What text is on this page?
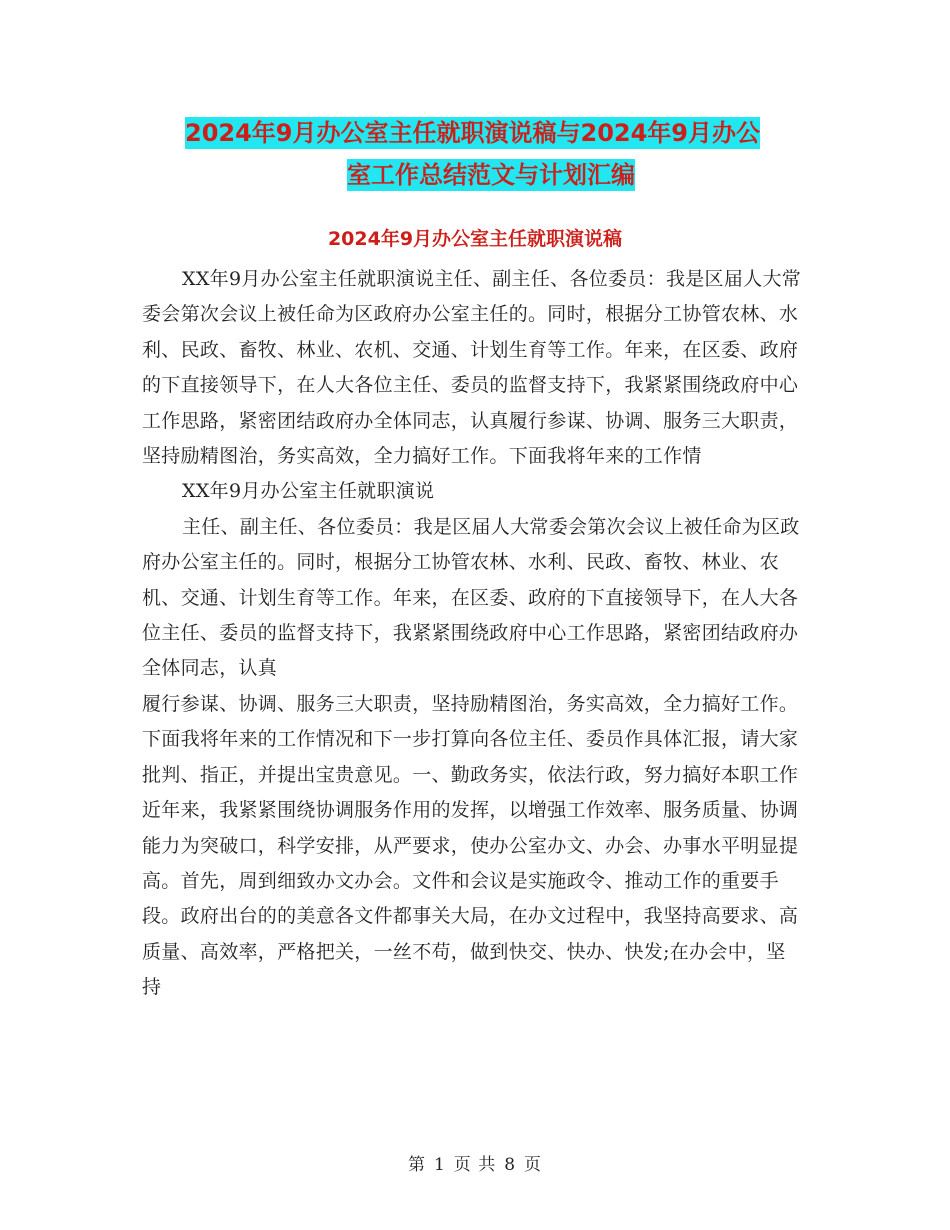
2024年9月办公室主任就职演说稿与2024年9月办公
室工作总结范文与计划汇编
2024年9月办公室主任就职演说稿

XX年9月办公室主任就职演说主任、副主任、各位委员：我是区届人大常委会第次会议上被任命为区政府办公室主任的。同时，根据分工协管农林、水利、民政、畜牧、林业、农机、交通、计划生育等工作。年来，在区委、政府的下直接领导下，在人大各位主任、委员的监督支持下，我紧紧围绕政府中心工作思路，紧密团结政府办全体同志，认真履行参谋、协调、服务三大职责，坚持励精图治，务实高效，全力搞好工作。下面我将年来的工作情

XX年9月办公室主任就职演说

主任、副主任、各位委员：我是区届人大常委会第次会议上被任命为区政府办公室主任的。同时，根据分工协管农林、水利、民政、畜牧、林业、农机、交通、计划生育等工作。年来，在区委、政府的下直接领导下，在人大各位主任、委员的监督支持下，我紧紧围绕政府中心工作思路，紧密团结政府办全体同志，认真

履行参谋、协调、服务三大职责，坚持励精图治，务实高效，全力搞好工作。下面我将年来的工作情况和下一步打算向各位主任、委员作具体汇报，请大家批判、指正，并提出宝贵意见。一、勤政务实，依法行政，努力搞好本职工作近年来，我紧紧围绕协调服务作用的发挥，以增强工作效率、服务质量、协调能力为突破口，科学安排，从严要求，使办公室办文、办会、办事水平明显提高。首先，周到细致办文办会。文件和会议是实施政令、推动工作的重要手段。政府出台的的美意各文件都事关大局，在办文过程中，我坚持高要求、高质量、高效率，严格把关，一丝不苟，做到快交、快办、快发;在办会中，坚持

第 1 页 共 8 页
